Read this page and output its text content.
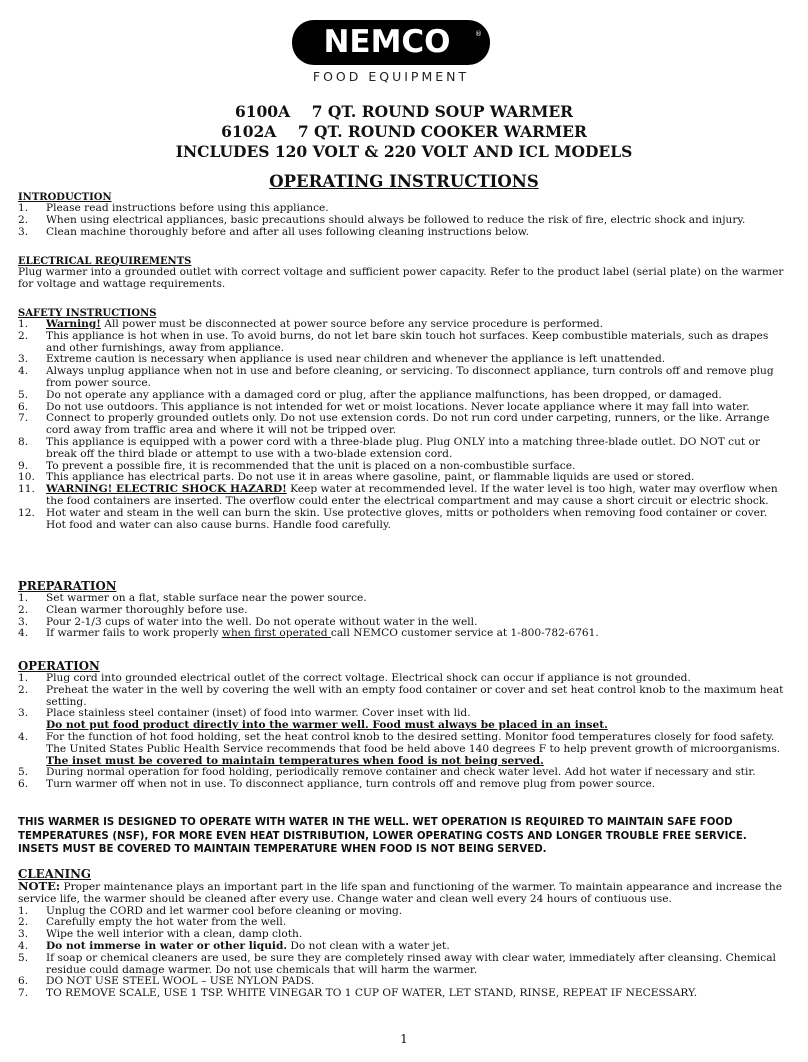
NEMCO	®
FOOD EQUIPMENT
6100A    7 QT. ROUND SOUP WARMER
6102A    7 QT. ROUND COOKER WARMER
INCLUDES 120 VOLT & 220 VOLT AND ICL MODELS
OPERATING INSTRUCTIONS
INTRODUCTION
1. Please read instructions before using this appliance.
2. When using electrical appliances, basic precautions should always be followed to reduce the risk of fire, electric shock and injury.
3. Clean machine thoroughly before and after all uses following cleaning instructions below.
ELECTRICAL REQUIREMENTS

Plug warmer into a grounded outlet with correct voltage and sufficient power capacity. Refer to the product label (serial plate) on the warmer for voltage and wattage requirements.

SAFETY INSTRUCTIONS
1. Warning! All power must be disconnected at power source before any service procedure is performed.
2. This appliance is hot when in use. To avoid burns, do not let bare skin touch hot surfaces. Keep combustible materials, such as drapes and other furnishings, away from appliance.
3. Extreme caution is necessary when appliance is used near children and whenever the appliance is left unattended.
4. Always unplug appliance when not in use and before cleaning, or servicing. To disconnect appliance, turn controls off and remove plug from power source.
5. Do not operate any appliance with a damaged cord or plug, after the appliance malfunctions, has been dropped, or damaged.
6. Do not use outdoors. This appliance is not intended for wet or moist locations. Never locate appliance where it may fall into water.
7. Connect to properly grounded outlets only. Do not use extension cords. Do not run cord under carpeting, runners, or the like. Arrange cord away from traffic area and where it will not be tripped over.
8. This appliance is equipped with a power cord with a three-blade plug. Plug ONLY into a matching three-blade outlet. DO NOT cut or break off the third blade or attempt to use with a two-blade extension cord.
9. To prevent a possible fire, it is recommended that the unit is placed on a non-combustible surface.
10. This appliance has electrical parts. Do not use it in areas where gasoline, paint, or flammable liquids are used or stored.
11. WARNING! ELECTRIC SHOCK HAZARD! Keep water at recommended level. If the water level is too high, water may overflow when the food containers are inserted. The overflow could enter the electrical compartment and may cause a short circuit or electric shock.
12. Hot water and steam in the well can burn the skin. Use protective gloves, mitts or potholders when removing food container or cover. Hot food and water can also cause burns. Handle food carefully.
PREPARATION
1. Set warmer on a flat, stable surface near the power source.
2. Clean warmer thoroughly before use.
3. Pour 2-1/3 cups of water into the well. Do not operate without water in the well.
4. If warmer fails to work properly when first operated call NEMCO customer service at 1-800-782-6761.
OPERATION
1. Plug cord into grounded electrical outlet of the correct voltage. Electrical shock can occur if appliance is not grounded.
2. Preheat the water in the well by covering the well with an empty food container or cover and set heat control knob to the maximum heat setting.
3. Place stainless steel container (inset) of food into warmer. Cover inset with lid.
Do not put food product directly into the warmer well. Food must always be placed in an inset.
4. For the function of hot food holding, set the heat control knob to the desired setting. Monitor food temperatures closely for food safety. The United States Public Health Service recommends that food be held above 140 degrees F to help prevent growth of microorganisms. The inset must be covered to maintain temperatures when food is not being served.
5. During normal operation for food holding, periodically remove container and check water level. Add hot water if necessary and stir.
6. Turn warmer off when not in use. To disconnect appliance, turn controls off and remove plug from power source.
THIS WARMER IS DESIGNED TO OPERATE WITH WATER IN THE WELL. WET OPERATION IS REQUIRED TO MAINTAIN SAFE FOOD TEMPERATURES (NSF), FOR MORE EVEN HEAT DISTRIBUTION, LOWER OPERATING COSTS AND LONGER TROUBLE FREE SERVICE. INSETS MUST BE COVERED TO MAINTAIN TEMPERATURE WHEN FOOD IS NOT BEING SERVED.
CLEANING

NOTE: Proper maintenance plays an important part in the life span and functioning of the warmer. To maintain appearance and increase the service life, the warmer should be cleaned after every use. Change water and clean well every 24 hours of contiuous use.

1. Unplug the CORD and let warmer cool before cleaning or moving.
2. Carefully empty the hot water from the well.
3. Wipe the well interior with a clean, damp cloth.
4. Do not immerse in water or other liquid. Do not clean with a water jet.
5. If soap or chemical cleaners are used, be sure they are completely rinsed away with clear water, immediately after cleansing. Chemical residue could damage warmer. Do not use chemicals that will harm the warmer.
6. DO NOT USE STEEL WOOL – USE NYLON PADS.
7. TO REMOVE SCALE, USE 1 TSP. WHITE VINEGAR TO 1 CUP OF WATER, LET STAND, RINSE, REPEAT IF NECESSARY.
1
